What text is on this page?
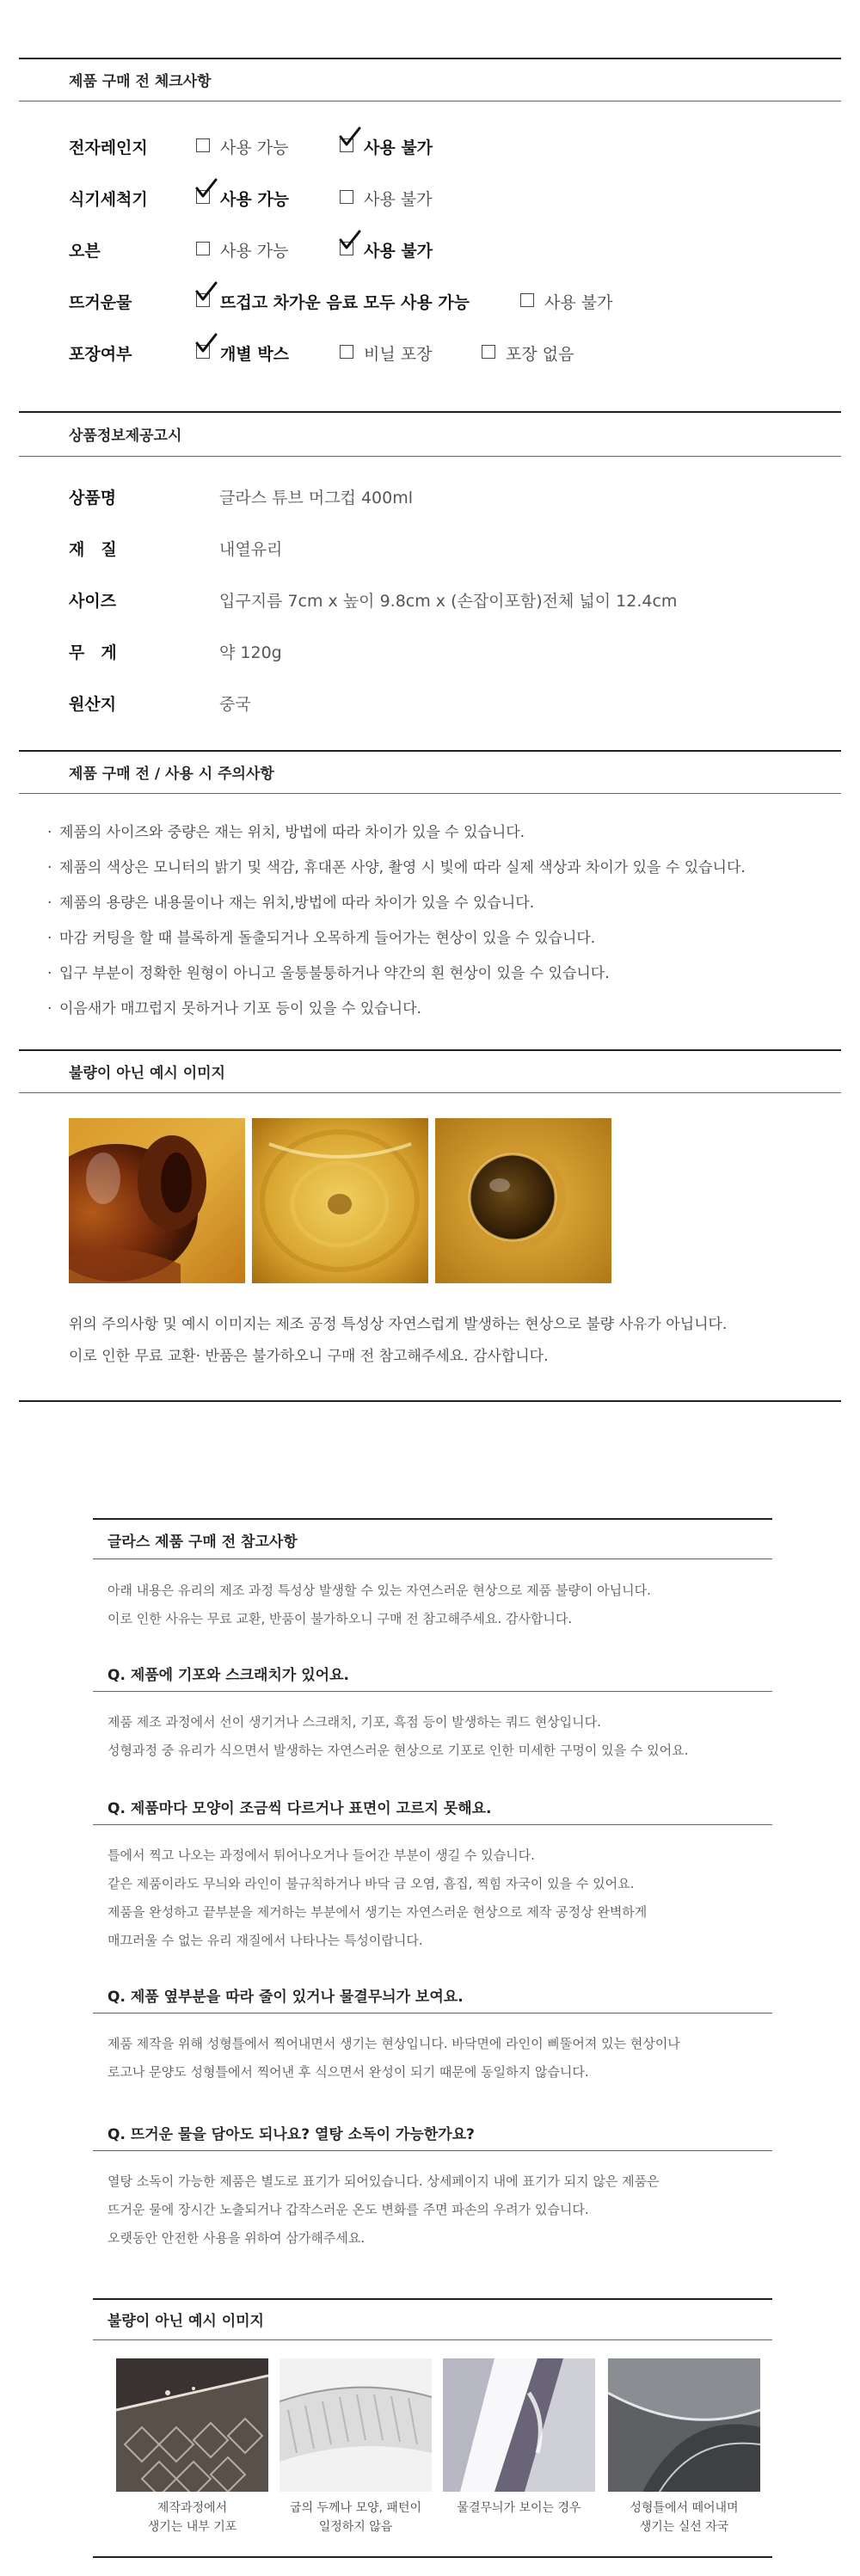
제품 구매 전 체크사항
전자레인지	사용 가능	사용 불가
식기세척기	사용 가능	사용 불가
오븐	사용 가능	사용 불가
뜨거운물	뜨겁고 차가운 음료 모두 사용 가능	사용 불가
포장여부	개별 박스	비닐 포장	포장 없음
상품정보제공고시
상품명	글라스 튜브 머그컵 400ml
재　질	내열유리
사이즈	입구지름 7cm x 높이 9.8cm x (손잡이포함)전체 넓이 12.4cm
무　게	약 120g
원산지	중국
제품 구매 전 / 사용 시 주의사항
· 제품의 사이즈와 중량은 재는 위치, 방법에 따라 차이가 있을 수 있습니다.
· 제품의 색상은 모니터의 밝기 및 색감, 휴대폰 사양, 촬영 시 빛에 따라 실제 색상과 차이가 있을 수 있습니다.
· 제품의 용량은 내용물이나 재는 위치,방법에 따라 차이가 있을 수 있습니다.
· 마감 커팅을 할 때 블록하게 돌출되거나 오목하게 들어가는 현상이 있을 수 있습니다.
· 입구 부분이 정확한 원형이 아니고 울퉁불퉁하거나 약간의 흰 현상이 있을 수 있습니다.
· 이음새가 매끄럽지 못하거나 기포 등이 있을 수 있습니다.
불량이 아닌 예시 이미지
위의 주의사항 및 예시 이미지는 제조 공정 특성상 자연스럽게 발생하는 현상으로 불량 사유가 아닙니다.
이로 인한 무료 교환· 반품은 불가하오니 구매 전 참고해주세요. 감사합니다.
글라스 제품 구매 전 참고사항
아래 내용은 유리의 제조 과정 특성상 발생할 수 있는 자연스러운 현상으로 제품 불량이 아닙니다.
이로 인한 사유는 무료 교환, 반품이 불가하오니 구매 전 참고해주세요. 감사합니다.
Q. 제품에 기포와 스크래치가 있어요.
제품 제조 과정에서 선이 생기거나 스크래치, 기포, 흑점 등이 발생하는 쿼드 현상입니다.
성형과정 중 유리가 식으면서 발생하는 자연스러운 현상으로 기포로 인한 미세한 구멍이 있을 수 있어요.
Q. 제품마다 모양이 조금씩 다르거나 표면이 고르지 못해요.
틀에서 찍고 나오는 과정에서 튀어나오거나 들어간 부분이 생길 수 있습니다.
같은 제품이라도 무늬와 라인이 불규칙하거나 바닥 금 오염, 흠집, 찍힘 자국이 있을 수 있어요.
제품을 완성하고 끝부분을 제거하는 부분에서 생기는 자연스러운 현상으로 제작 공정상 완벽하게
매끄러울 수 없는 유리 재질에서 나타나는 특성이랍니다.
Q. 제품 옆부분을 따라 줄이 있거나 물결무늬가 보여요.
제품 제작을 위해 성형틀에서 찍어내면서 생기는 현상입니다. 바닥면에 라인이 삐뚤어져 있는 현상이나
로고나 문양도 성형틀에서 찍어낸 후 식으면서 완성이 되기 때문에 동일하지 않습니다.
Q. 뜨거운 물을 담아도 되나요? 열탕 소독이 가능한가요?
열탕 소독이 가능한 제품은 별도로 표기가 되어있습니다. 상세페이지 내에 표기가 되지 않은 제품은
뜨거운 물에 장시간 노출되거나 갑작스러운 온도 변화를 주면 파손의 우려가 있습니다.
오랫동안 안전한 사용을 위하여 삼가해주세요.
불량이 아닌 예시 이미지
제작과정에서
생기는 내부 기포
굽의 두께나 모양, 패턴이
일정하지 않음
물결무늬가 보이는 경우	성형틀에서 떼어내며
생기는 실선 자국
